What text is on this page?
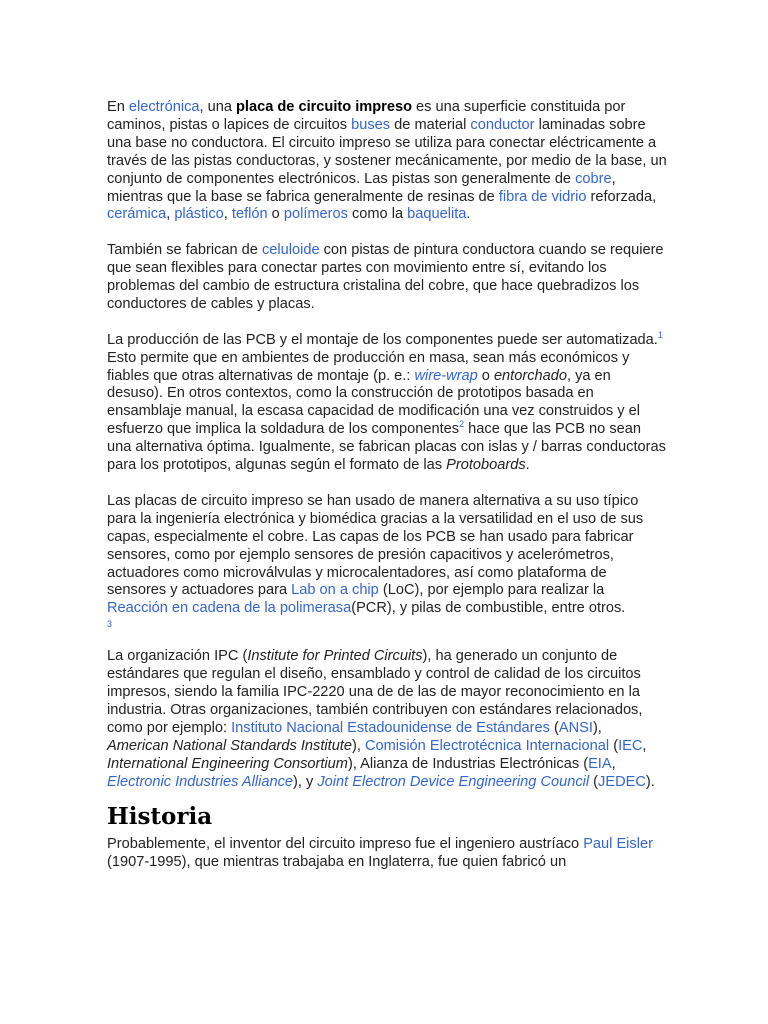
En electrónica, una placa de circuito impreso es una superficie constituida por caminos, pistas o lapices de circuitos buses de material conductor laminadas sobre una base no conductora. El circuito impreso se utiliza para conectar eléctricamente a través de las pistas conductoras, y sostener mecánicamente, por medio de la base, un conjunto de componentes electrónicos. Las pistas son generalmente de cobre, mientras que la base se fabrica generalmente de resinas de fibra de vidrio reforzada, cerámica, plástico, teflón o polímeros como la baquelita.

También se fabrican de celuloide con pistas de pintura conductora cuando se requiere que sean flexibles para conectar partes con movimiento entre sí, evitando los problemas del cambio de estructura cristalina del cobre, que hace quebradizos los conductores de cables y placas.

La producción de las PCB y el montaje de los componentes puede ser automatizada.$^1$ Esto permite que en ambientes de producción en masa, sean más económicos y fiables que otras alternativas de montaje (p. e.: wire-wrap o entorchado, ya en desuso). En otros contextos, como la construcción de prototipos basada en ensamblaje manual, la escasa capacidad de modificación una vez construidos y el esfuerzo que implica la soldadura de los componentes$^2$ hace que las PCB no sean una alternativa óptima. Igualmente, se fabrican placas con islas y / barras conductoras para los prototipos, algunas según el formato de las Protoboards.

Las placas de circuito impreso se han usado de manera alternativa a su uso típico para la ingeniería electrónica y biomédica gracias a la versatilidad en el uso de sus capas, especialmente el cobre. Las capas de los PCB se han usado para fabricar sensores, como por ejemplo sensores de presión capacitivos y acelerómetros, actuadores como microválvulas y microcalentadores, así como plataforma de sensores y actuadores para Lab on a chip (LoC), por ejemplo para realizar la Reacción en cadena de la polimerasa(PCR), y pilas de combustible, entre otros.
3

La organización IPC (Institute for Printed Circuits), ha generado un conjunto de estándares que regulan el diseño, ensamblado y control de calidad de los circuitos impresos, siendo la familia IPC-2220 una de de las de mayor reconocimiento en la industria. Otras organizaciones, también contribuyen con estándares relacionados, como por ejemplo: Instituto Nacional Estadounidense de Estándares (ANSI), American National Standards Institute), Comisión Electrotécnica Internacional (IEC, International Engineering Consortium), Alianza de Industrias Electrónicas (EIA, Electronic Industries Alliance), y Joint Electron Device Engineering Council (JEDEC).

Historia

Probablemente, el inventor del circuito impreso fue el ingeniero austríaco Paul Eisler (1907-1995), que mientras trabajaba en Inglaterra, fue quien fabricó un
